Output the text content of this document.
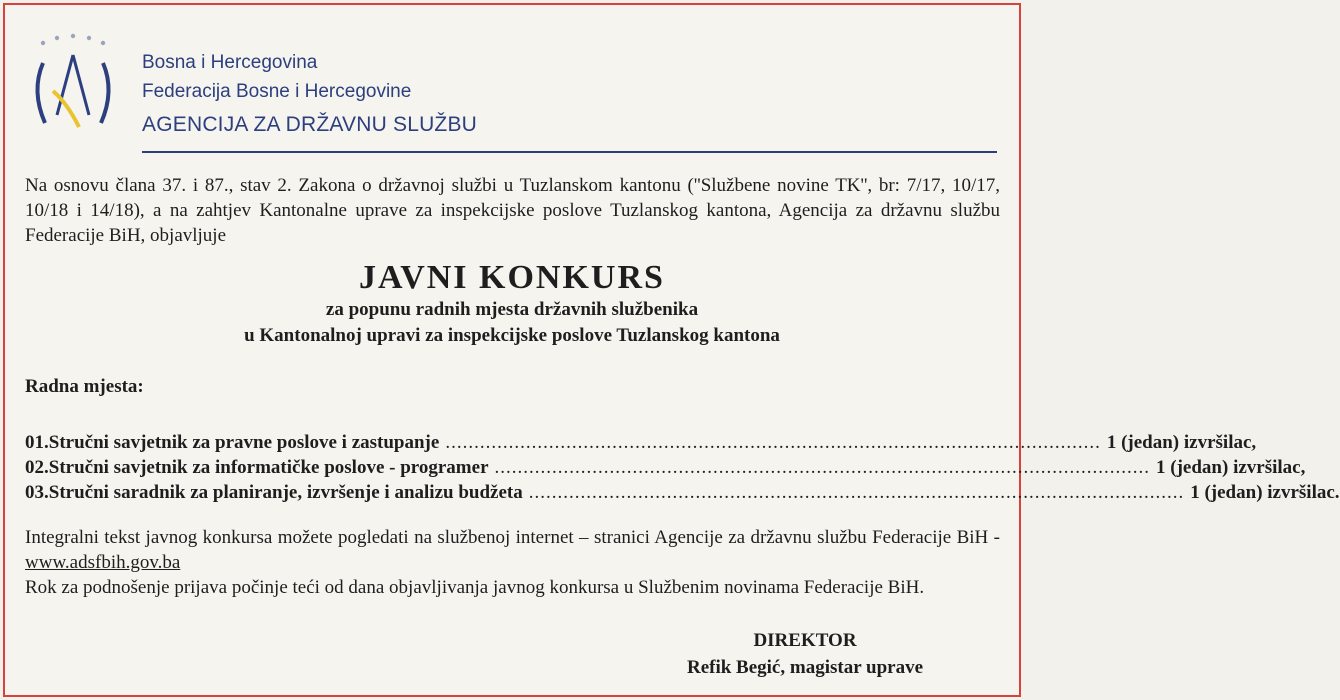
Bosna i Hercegovina
Federacija Bosne i Hercegovine
AGENCIJA ZA DRŽAVNU SLUŽBU
Na osnovu člana 37. i 87., stav 2. Zakona o državnoj službi u Tuzlanskom kantonu (''Službene novine TK'', br: 7/17, 10/17, 10/18 i 14/18), a na zahtjev Kantonalne uprave za inspekcijske poslove Tuzlanskog kantona, Agencija za državnu službu Federacije BiH, objavljuje
JAVNI KONKURS
za popunu radnih mjesta državnih službenika
u Kantonalnoj upravi za inspekcijske poslove Tuzlanskog kantona
Radna mjesta:
01. Stručni savjetnik za pravne poslove i zastupanje .................................................................................................................. 1 (jedan) izvršilac,
02. Stručni savjetnik za informatičke poslove - programer .................................................................................................................. 1 (jedan) izvršilac,
03. Stručni saradnik za planiranje, izvršenje i analizu budžeta .................................................................................................................. 1 (jedan) izvršilac.
Integralni tekst javnog konkursa možete pogledati na službenoj internet – stranici Agencije za državnu službu Federacije BiH - www.adsfbih.gov.ba
Rok za podnošenje prijava počinje teći od dana objavljivanja javnog konkursa u Službenim novinama Federacije BiH.
DIREKTOR
Refik Begić, magistar uprave
